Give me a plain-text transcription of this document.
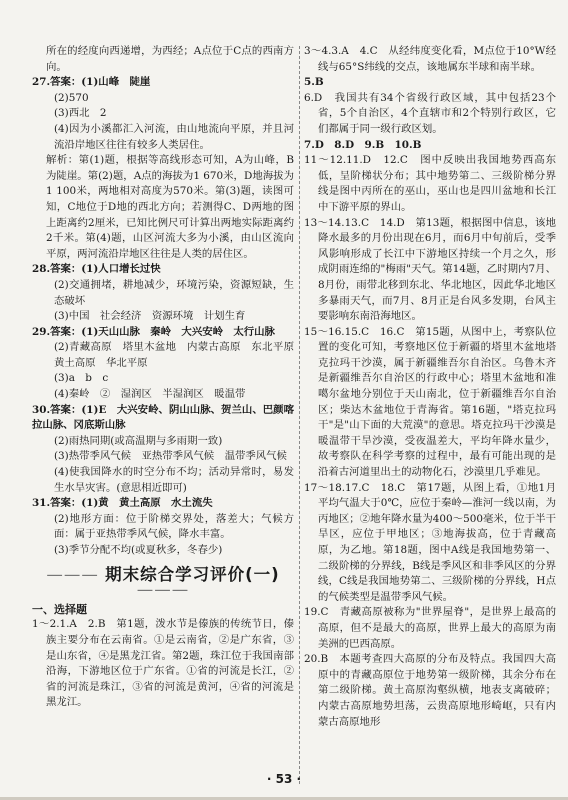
所在的经度向西递增，为西经；A点位于C点的西南方向。

27.答案：(1)山峰　陡崖

(2)570

(3)西北　2

(4)因为小溪都汇入河流，由山地流向平原，并且河流沿岸地区往往有较多人类居住。

解析：第(1)题，根据等高线形态可知，A为山峰，B为陡崖。第(2)题，A点的海拔为1 670米，D地海拔为1 100米，两地相对高度为570米。第(3)题，读图可知，C地位于D地的西北方向；若测得C、D两地的图上距离约2厘米，已知比例尺可计算出两地实际距离约2千米。第(4)题，山区河流大多为小溪，由山区流向平原，两河流沿岸地区往往是人类的居住区。

28.答案：(1)人口增长过快

(2)交通拥堵，耕地减少，环境污染，资源短缺，生态破坏

(3)中国　社会经济　资源环境　计划生育

29.答案：(1)天山山脉　秦岭　大兴安岭　太行山脉

(2)青藏高原　塔里木盆地　内蒙古高原　东北平原　黄土高原　华北平原

(3)a　b　c

(4)秦岭　②　湿润区　半湿润区　暖温带

30.答案：(1)E　大兴安岭、阴山山脉、贺兰山、巴颜喀拉山脉、冈底斯山脉

(2)雨热同期(或高温期与多雨期一致)

(3)热带季风气候　亚热带季风气候　温带季风气候

(4)使我国降水的时空分布不均；活动异常时，易发生水旱灾害。(意思相近即可)

31.答案：(1)黄　黄土高原　水土流失

(2)地形方面：位于阶梯交界处，落差大；气候方面：属于亚热带季风气候，降水丰富。

(3)季节分配不均(或夏秋多，冬春少)

——— 期末综合学习评价(一) ———

一、选择题

1～2.1.A　2.B　第1题，泼水节是傣族的传统节日，傣族主要分布在云南省。①是云南省，②是广东省，③是山东省，④是黑龙江省。第2题，珠江位于我国南部沿海，下游地区位于广东省。①省的河流是长江，②省的河流是珠江，③省的河流是黄河，④省的河流是黑龙江。

3～4.3.A　4.C　从经纬度变化看，M点位于10°W经线与65°S纬线的交点，该地属东半球和南半球。

5.B

6.D　我国共有34个省级行政区域，其中包括23个省，5个自治区，4个直辖市和2个特别行政区，它们都属于同一级行政区划。

7.D　8.D　9.B　10.B

11～12.11.D　12.C　图中反映出我国地势西高东低，呈阶梯状分布；其中地势第二、三级阶梯分界线是图中丙所在的巫山，巫山也是四川盆地和长江中下游平原的界山。

13～14.13.C　14.D　第13题，根据图中信息，该地降水最多的月份出现在6月，而6月中旬前后，受季风影响形成了长江中下游地区持续一个月之久，形成阴雨连绵的"梅雨"天气。第14题，乙时期内7月、8月份，雨带北移到东北、华北地区，因此华北地区多暴雨天气，而7月、8月正是台风多发期，台风主要影响东南沿海地区。

15～16.15.C　16.C　第15题，从图中上，考察队位置的变化可知，考察地区位于新疆的塔里木盆地塔克拉玛干沙漠，属于新疆维吾尔自治区。乌鲁木齐是新疆维吾尔自治区的行政中心；塔里木盆地和准噶尔盆地分别位于天山南北，位于新疆维吾尔自治区；柴达木盆地位于青海省。第16题，"塔克拉玛干"是"山下面的大荒漠"的意思。塔克拉玛干沙漠是暖温带干旱沙漠，受夜温差大，平均年降水量少，故考察队在科学考察的过程中，最有可能出现的是沿着古河道里出土的动物化石，沙漠里几乎难见。

17～18.17.C　18.C　第17题，从图上看，①地1月平均气温大于0℃，应位于秦岭—淮河一线以南，为丙地区；②地年降水量为400～500毫米，位于半干旱区，应位于甲地区；③地海拔高，位于青藏高原，为乙地。第18题，图中A线是我国地势第一、二级阶梯的分界线，B线是季风区和非季风区的分界线，C线是我国地势第二、三级阶梯的分界线，H点的气候类型是温带季风气候。

19.C　青藏高原被称为"世界屋脊"，是世界上最高的高原，但不是最大的高原，世界上最大的高原为南美洲的巴西高原。

20.B　本题考查四大高原的分布及特点。我国四大高原中的青藏高原位于地势第一级阶梯，其余分布在第二级阶梯。黄土高原沟壑纵横，地表支离破碎；内蒙古高原地势坦荡，云贵高原地形崎岖，只有内蒙古高原地形

· 53 ·
